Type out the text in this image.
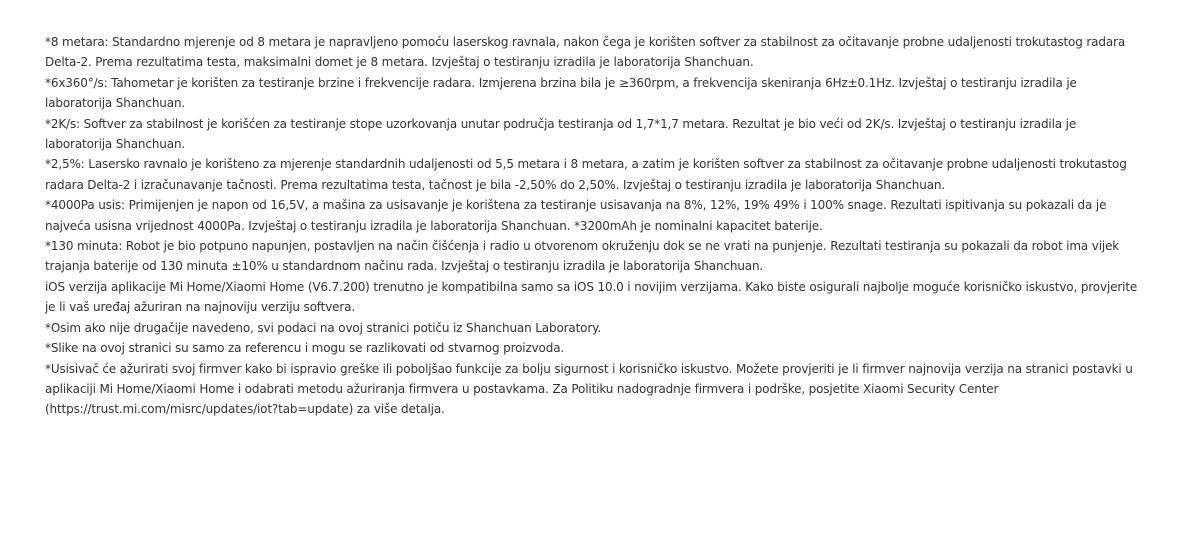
*8 metara: Standardno mjerenje od 8 metara je napravljeno pomoću laserskog ravnala, nakon čega je korišten softver za stabilnost za očitavanje probne udaljenosti trokutastog radara Delta-2. Prema rezultatima testa, maksimalni domet je 8 metara. Izvještaj o testiranju izradila je laboratorija Shanchuan.

*6x360°/s: Tahometar je korišten za testiranje brzine i frekvencije radara. Izmjerena brzina bila je ≥360rpm, a frekvencija skeniranja 6Hz±0.1Hz. Izvještaj o testiranju izradila je laboratorija Shanchuan.

*2K/s: Softver za stabilnost je korišćen za testiranje stope uzorkovanja unutar područja testiranja od 1,7*1,7 metara. Rezultat je bio veći od 2K/s. Izvještaj o testiranju izradila je laboratorija Shanchuan.

*2,5%: Lasersko ravnalo je korišteno za mjerenje standardnih udaljenosti od 5,5 metara i 8 metara, a zatim je korišten softver za stabilnost za očitavanje probne udaljenosti trokutastog radara Delta-2 i izračunavanje tačnosti. Prema rezultatima testa, tačnost je bila -2,50% do 2,50%. Izvještaj o testiranju izradila je laboratorija Shanchuan.

*4000Pa usis: Primijenjen je napon od 16,5V, a mašina za usisavanje je korištena za testiranje usisavanja na 8%, 12%, 19% 49% i 100% snage. Rezultati ispitivanja su pokazali da je najveća usisna vrijednost 4000Pa. Izvještaj o testiranju izradila je laboratorija Shanchuan. *3200mAh je nominalni kapacitet baterije.

*130 minuta: Robot je bio potpuno napunjen, postavljen na način čišćenja i radio u otvorenom okruženju dok se ne vrati na punjenje. Rezultati testiranja su pokazali da robot ima vijek trajanja baterije od 130 minuta ±10% u standardnom načinu rada. Izvještaj o testiranju izradila je laboratorija Shanchuan.

iOS verzija aplikacije Mi Home/Xiaomi Home (V6.7.200) trenutno je kompatibilna samo sa iOS 10.0 i novijim verzijama. Kako biste osigurali najbolje moguće korisničko iskustvo, provjerite je li vaš uređaj ažuriran na najnoviju verziju softvera.

*Osim ako nije drugačije navedeno, svi podaci na ovoj stranici potiču iz Shanchuan Laboratory.

*Slike na ovoj stranici su samo za referencu i mogu se razlikovati od stvarnog proizvoda.

*Usisivač će ažurirati svoj firmver kako bi ispravio greške ili poboljšao funkcije za bolju sigurnost i korisničko iskustvo. Možete provjeriti je li firmver najnovija verzija na stranici postavki u aplikaciji Mi Home/Xiaomi Home i odabrati metodu ažuriranja firmvera u postavkama. Za Politiku nadogradnje firmvera i podrške, posjetite Xiaomi Security Center (https://trust.mi.com/misrc/updates/iot?tab=update) za više detalja.
